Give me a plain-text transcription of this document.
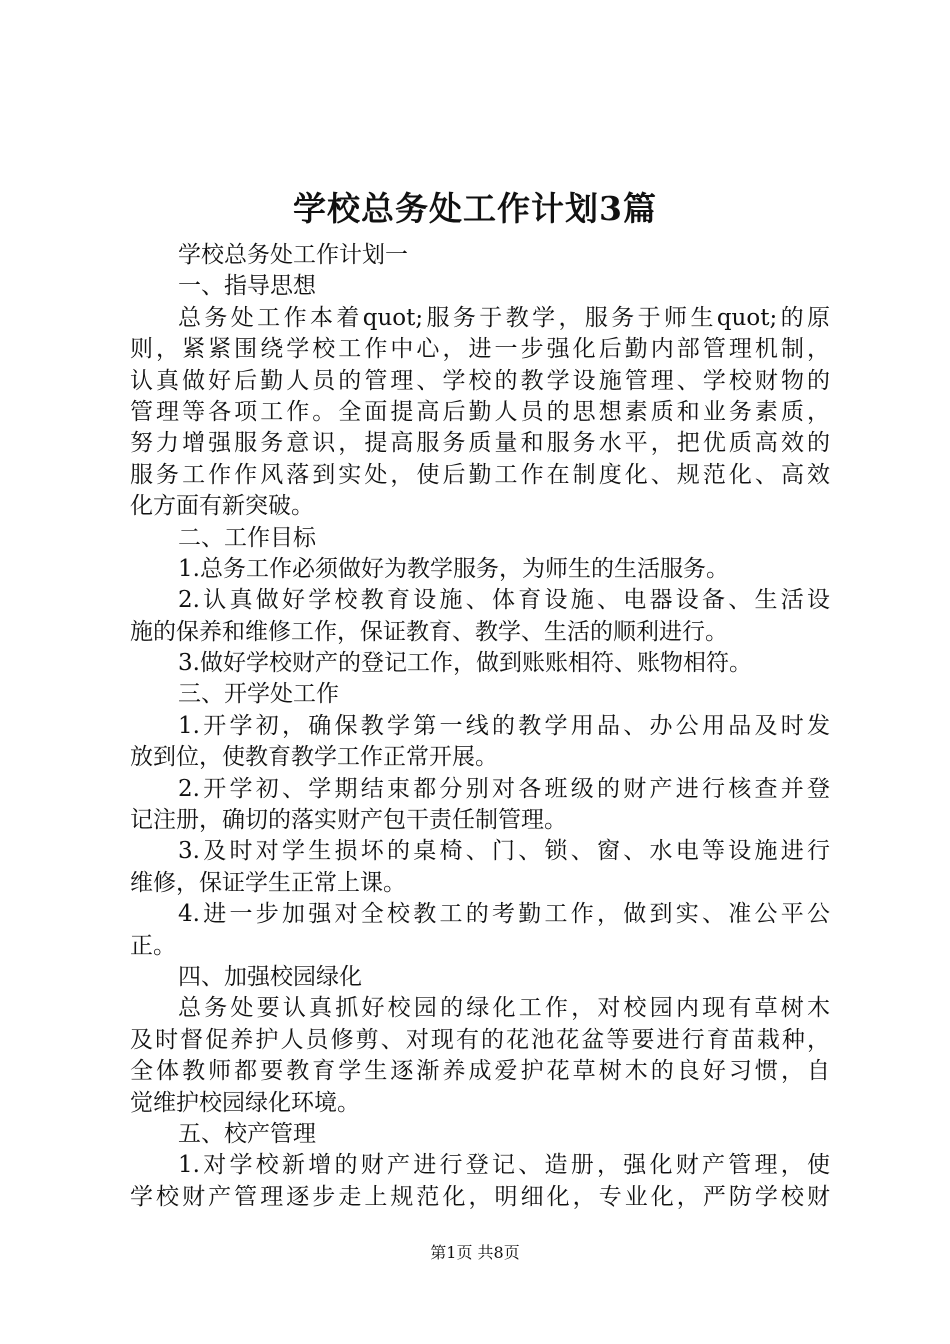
学校总务处工作计划3篇
学校总务处工作计划一
一、指导思想
总务处工作本着quot;服务于教学，服务于师生quot;的原
则，紧紧围绕学校工作中心，进一步强化后勤内部管理机制，
认真做好后勤人员的管理、学校的教学设施管理、学校财物的
管理等各项工作。全面提高后勤人员的思想素质和业务素质，
努力增强服务意识，提高服务质量和服务水平，把优质高效的
服务工作作风落到实处，使后勤工作在制度化、规范化、高效
化方面有新突破。
二、工作目标
1.总务工作必须做好为教学服务，为师生的生活服务。
2.认真做好学校教育设施、体育设施、电器设备、生活设
施的保养和维修工作，保证教育、教学、生活的顺利进行。
3.做好学校财产的登记工作，做到账账相符、账物相符。
三、开学处工作
1.开学初，确保教学第一线的教学用品、办公用品及时发
放到位，使教育教学工作正常开展。
2.开学初、学期结束都分别对各班级的财产进行核查并登
记注册，确切的落实财产包干责任制管理。
3.及时对学生损坏的桌椅、门、锁、窗、水电等设施进行
维修，保证学生正常上课。
4.进一步加强对全校教工的考勤工作，做到实、准公平公
正。
四、加强校园绿化
总务处要认真抓好校园的绿化工作，对校园内现有草树木
及时督促养护人员修剪、对现有的花池花盆等要进行育苗栽种，
全体教师都要教育学生逐渐养成爱护花草树木的良好习惯，自
觉维护校园绿化环境。
五、校产管理
1.对学校新增的财产进行登记、造册，强化财产管理，使
学校财产管理逐步走上规范化，明细化，专业化，严防学校财
第1页 共8页
